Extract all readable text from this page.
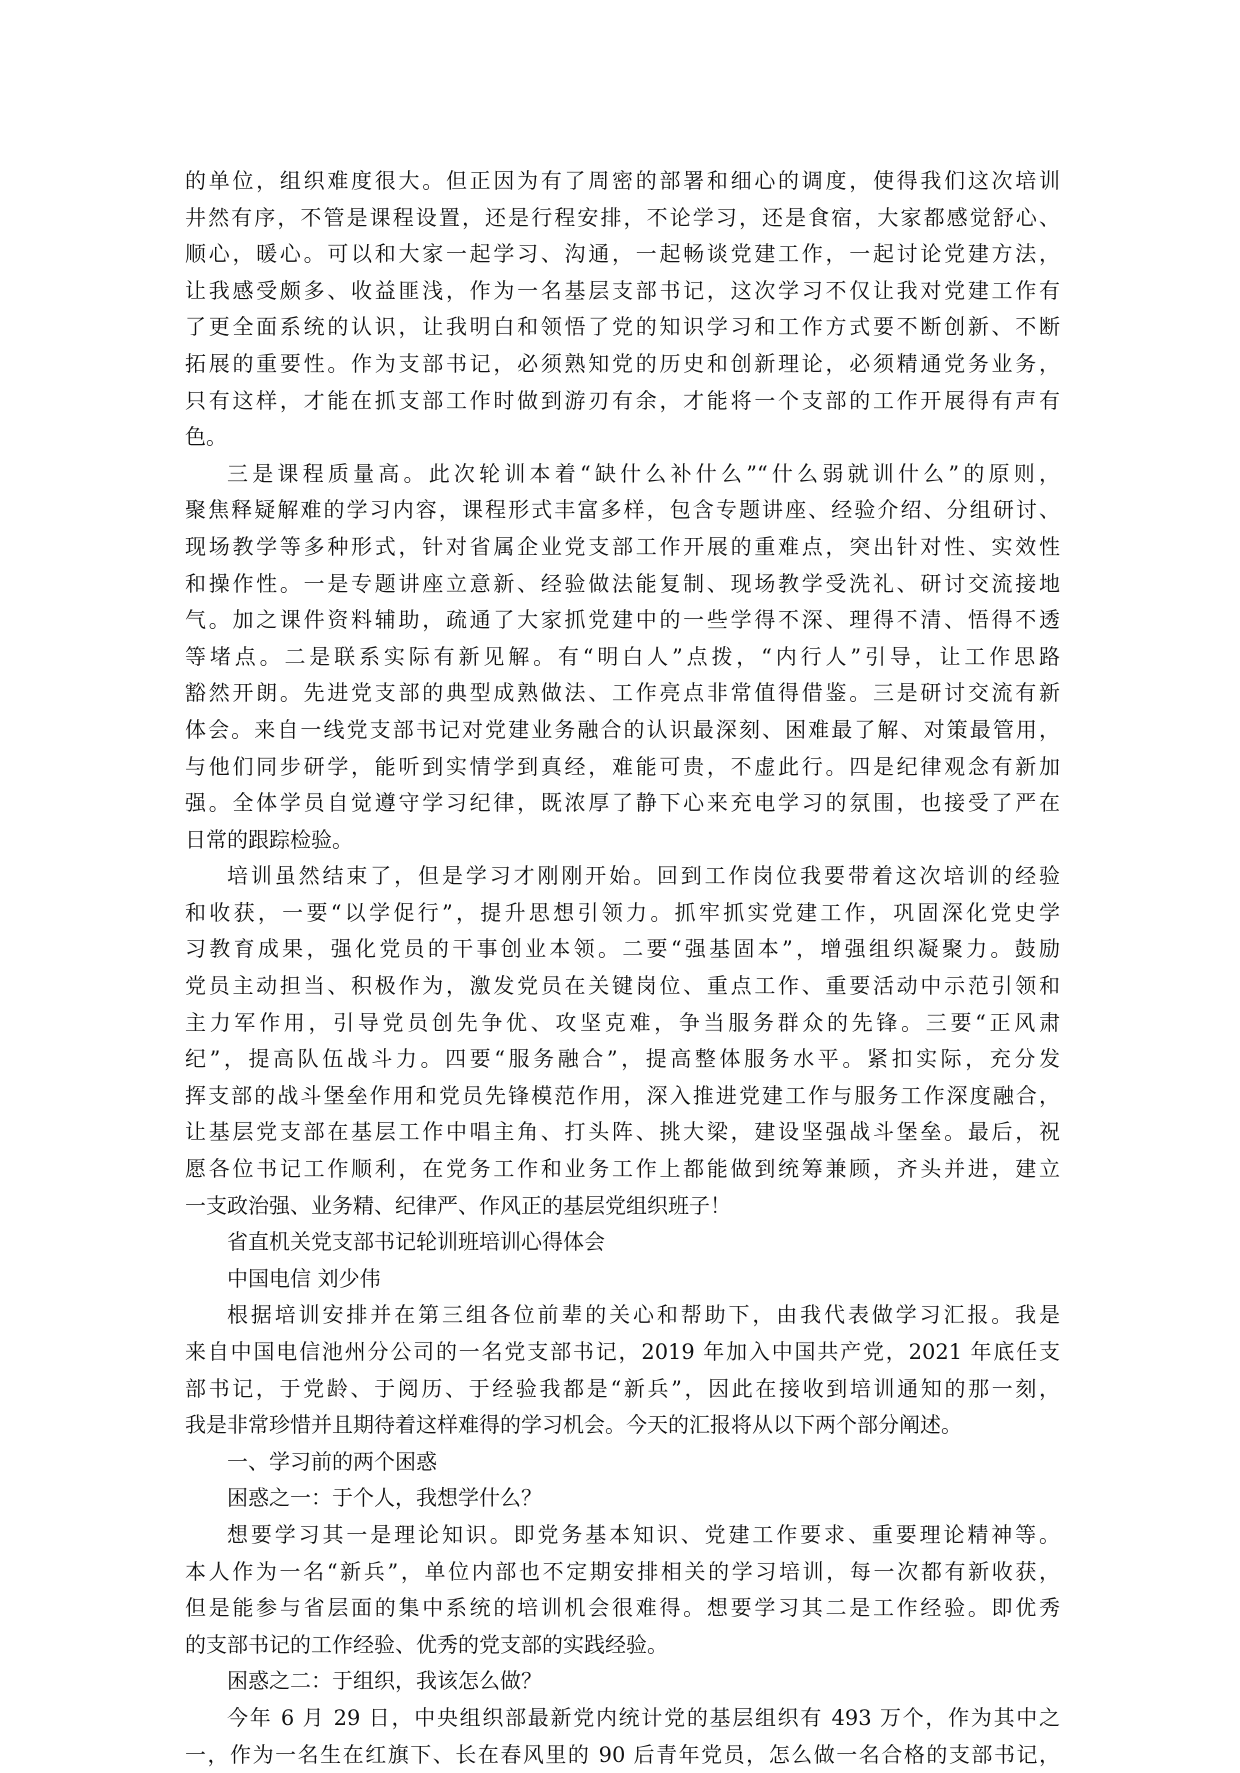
的单位，组织难度很大。但正因为有了周密的部署和细心的调度，使得我们这次培训
井然有序，不管是课程设置，还是行程安排，不论学习，还是食宿，大家都感觉舒心、
顺心，暖心。可以和大家一起学习、沟通，一起畅谈党建工作，一起讨论党建方法，
让我感受颇多、收益匪浅，作为一名基层支部书记，这次学习不仅让我对党建工作有
了更全面系统的认识，让我明白和领悟了党的知识学习和工作方式要不断创新、不断
拓展的重要性。作为支部书记，必须熟知党的历史和创新理论，必须精通党务业务，
只有这样，才能在抓支部工作时做到游刃有余，才能将一个支部的工作开展得有声有
色。
三是课程质量高。此次轮训本着“缺什么补什么”“什么弱就训什么”的原则，
聚焦释疑解难的学习内容，课程形式丰富多样，包含专题讲座、经验介绍、分组研讨、
现场教学等多种形式，针对省属企业党支部工作开展的重难点，突出针对性、实效性
和操作性。一是专题讲座立意新、经验做法能复制、现场教学受洗礼、研讨交流接地
气。加之课件资料辅助，疏通了大家抓党建中的一些学得不深、理得不清、悟得不透
等堵点。二是联系实际有新见解。有“明白人”点拨，“内行人”引导，让工作思路
豁然开朗。先进党支部的典型成熟做法、工作亮点非常值得借鉴。三是研讨交流有新
体会。来自一线党支部书记对党建业务融合的认识最深刻、困难最了解、对策最管用，
与他们同步研学，能听到实情学到真经，难能可贵，不虚此行。四是纪律观念有新加
强。全体学员自觉遵守学习纪律，既浓厚了静下心来充电学习的氛围，也接受了严在
日常的跟踪检验。
培训虽然结束了，但是学习才刚刚开始。回到工作岗位我要带着这次培训的经验
和收获，一要“以学促行”，提升思想引领力。抓牢抓实党建工作，巩固深化党史学
习教育成果，强化党员的干事创业本领。二要“强基固本”，增强组织凝聚力。鼓励
党员主动担当、积极作为，激发党员在关键岗位、重点工作、重要活动中示范引领和
主力军作用，引导党员创先争优、攻坚克难，争当服务群众的先锋。三要“正风肃
纪”，提高队伍战斗力。四要“服务融合”，提高整体服务水平。紧扣实际，充分发
挥支部的战斗堡垒作用和党员先锋模范作用，深入推进党建工作与服务工作深度融合，
让基层党支部在基层工作中唱主角、打头阵、挑大梁，建设坚强战斗堡垒。最后，祝
愿各位书记工作顺利，在党务工作和业务工作上都能做到统筹兼顾，齐头并进，建立
一支政治强、业务精、纪律严、作风正的基层党组织班子！
省直机关党支部书记轮训班培训心得体会
中国电信 刘少伟
根据培训安排并在第三组各位前辈的关心和帮助下，由我代表做学习汇报。我是
来自中国电信池州分公司的一名党支部书记，2019 年加入中国共产党，2021 年底任支
部书记，于党龄、于阅历、于经验我都是“新兵”，因此在接收到培训通知的那一刻，
我是非常珍惜并且期待着这样难得的学习机会。今天的汇报将从以下两个部分阐述。
一、学习前的两个困惑
困惑之一：于个人，我想学什么？
想要学习其一是理论知识。即党务基本知识、党建工作要求、重要理论精神等。
本人作为一名“新兵”，单位内部也不定期安排相关的学习培训，每一次都有新收获，
但是能参与省层面的集中系统的培训机会很难得。想要学习其二是工作经验。即优秀
的支部书记的工作经验、优秀的党支部的实践经验。
困惑之二：于组织，我该怎么做？
今年 6 月 29 日，中央组织部最新党内统计党的基层组织有 493 万个，作为其中之
一，作为一名生在红旗下、长在春风里的 90 后青年党员，怎么做一名合格的支部书记，
